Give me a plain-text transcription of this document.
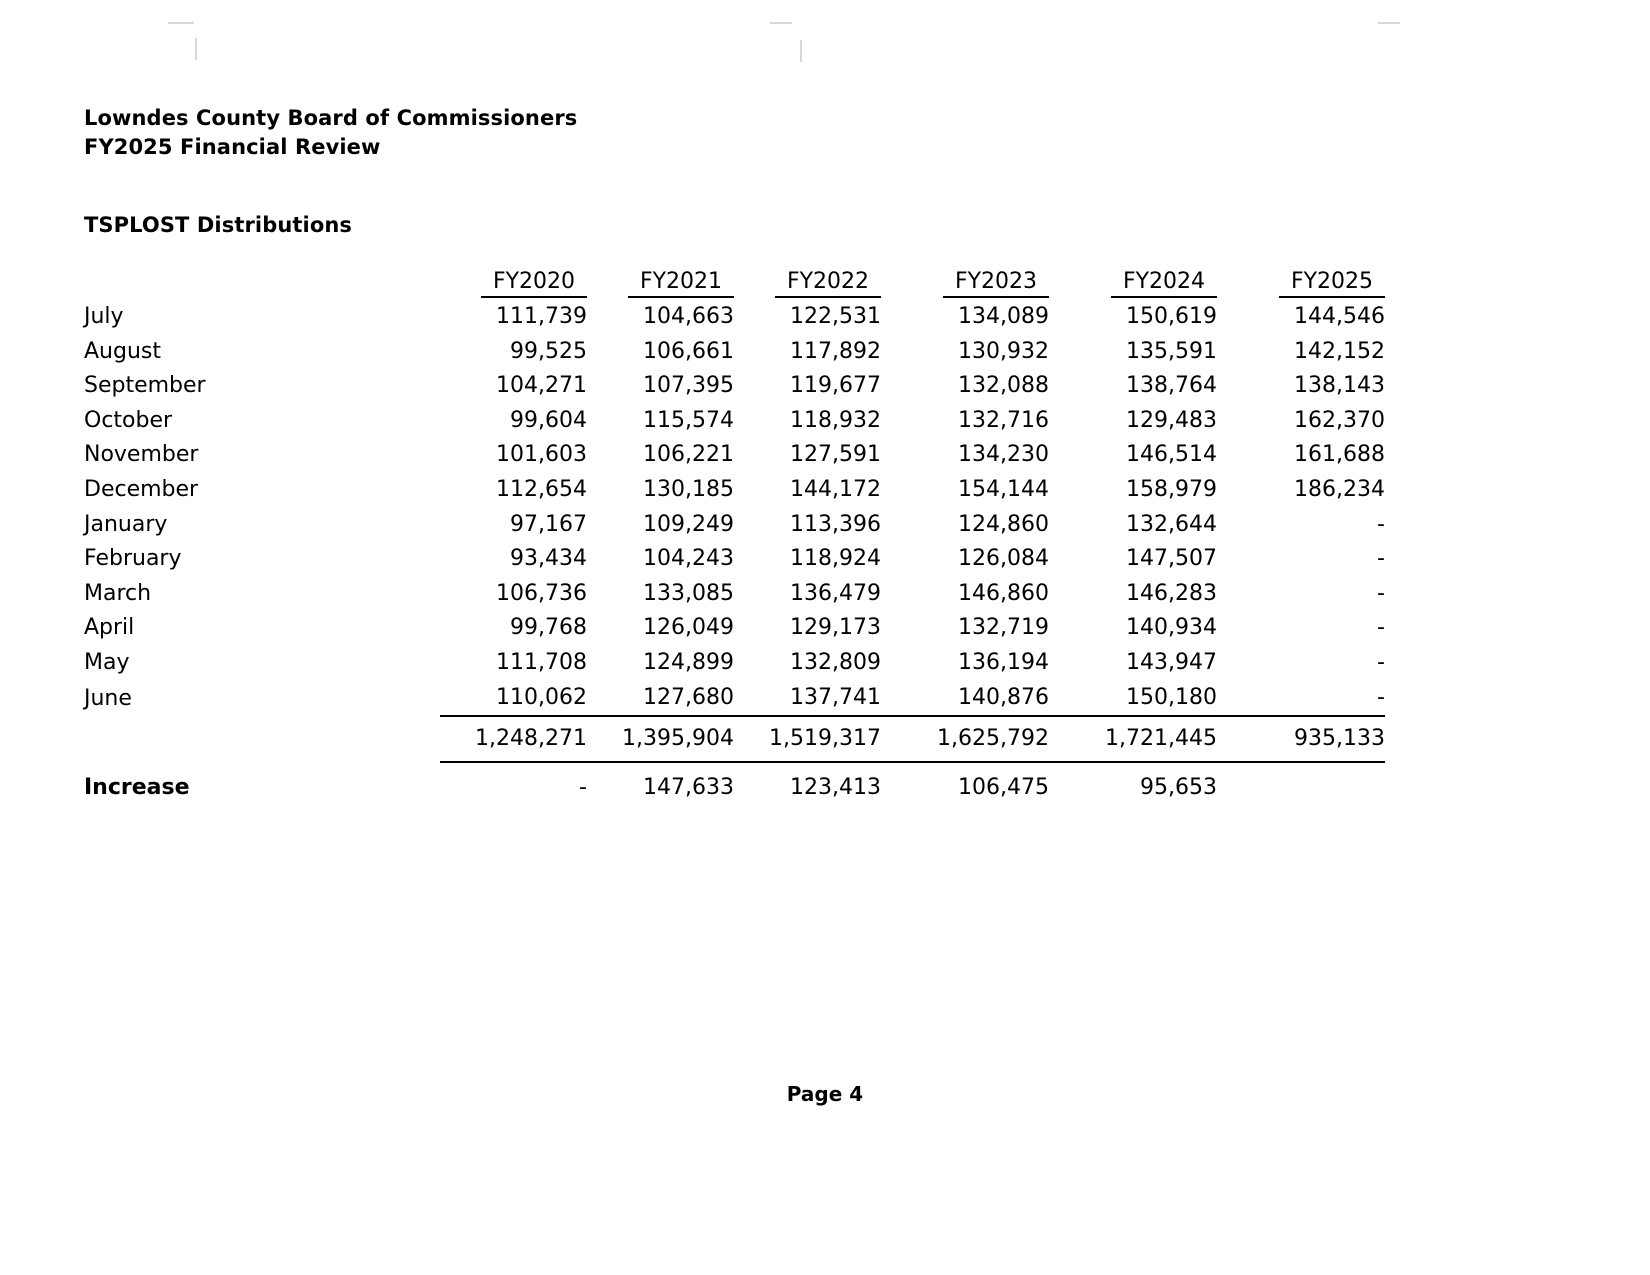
Lowndes County Board of Commissioners
FY2025 Financial Review
TSPLOST Distributions
	FY2020	FY2021	FY2022	FY2023	FY2024	FY2025
July	111,739	104,663	122,531	134,089	150,619	144,546
August	99,525	106,661	117,892	130,932	135,591	142,152
September	104,271	107,395	119,677	132,088	138,764	138,143
October	99,604	115,574	118,932	132,716	129,483	162,370
November	101,603	106,221	127,591	134,230	146,514	161,688
December	112,654	130,185	144,172	154,144	158,979	186,234
January	97,167	109,249	113,396	124,860	132,644	-
February	93,434	104,243	118,924	126,084	147,507	-
March	106,736	133,085	136,479	146,860	146,283	-
April	99,768	126,049	129,173	132,719	140,934	-
May	111,708	124,899	132,809	136,194	143,947	-
June	110,062	127,680	137,741	140,876	150,180	-
	1,248,271	1,395,904	1,519,317	1,625,792	1,721,445	935,133
Increase	-	147,633	123,413	106,475	95,653	
Page 4
